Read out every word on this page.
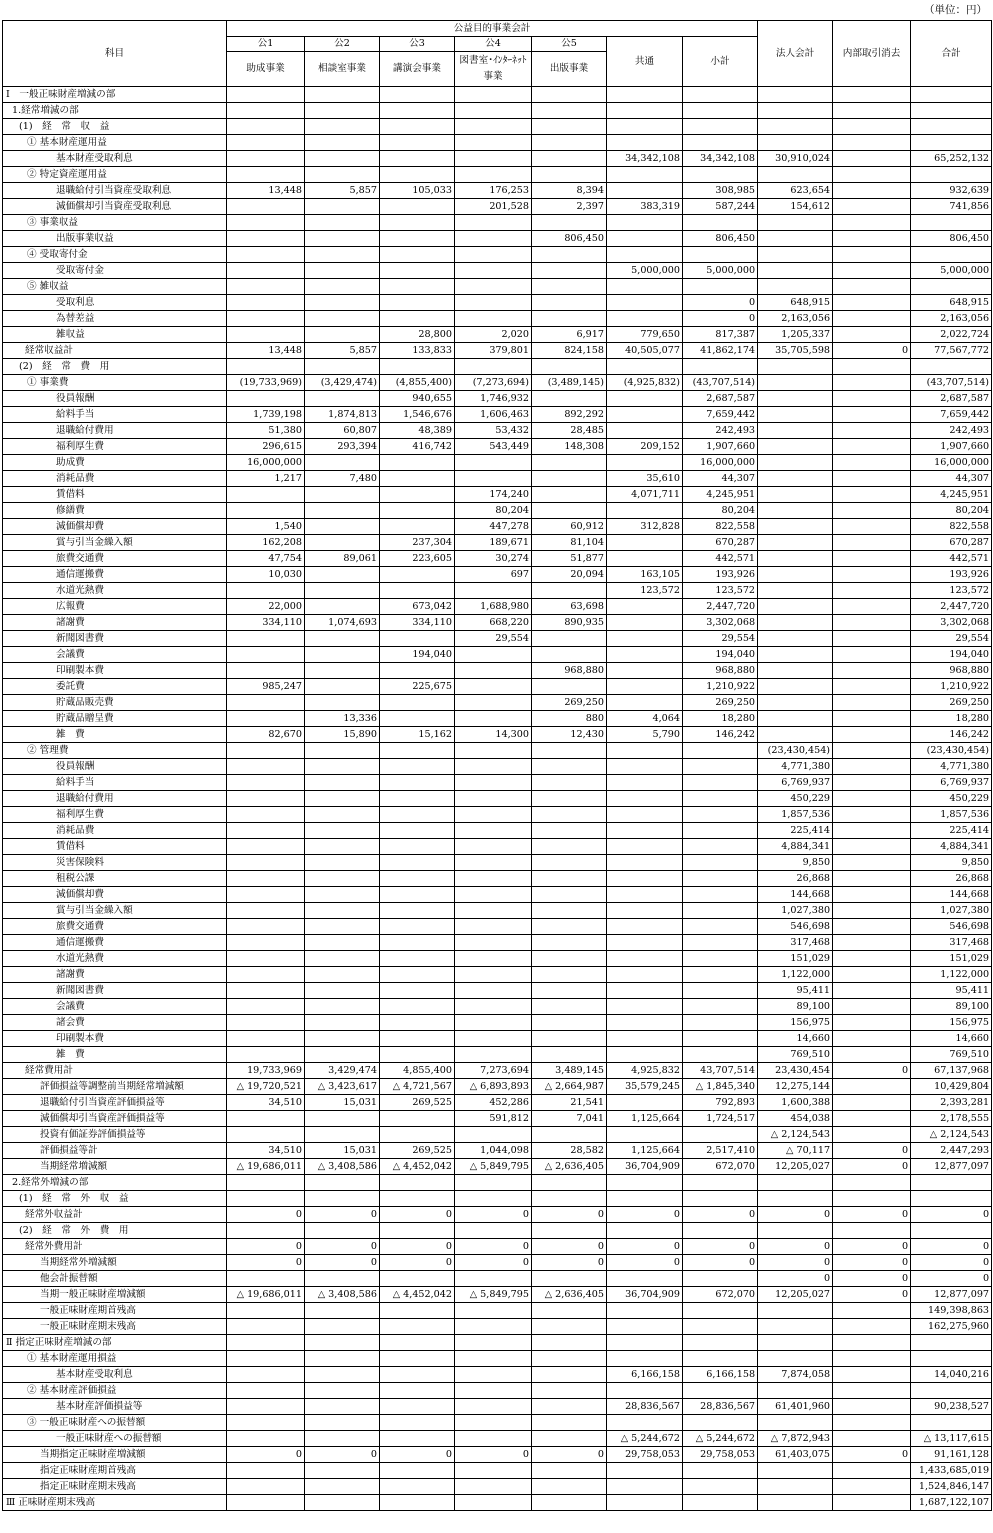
（単位：円）
科目	公益目的事業会計							法人会計	内部取引消去	合計
	公1	公2	公3	公4	公5	共通	小計			
	助成事業	相談室事業	講演会事業	図書室･ｲﾝﾀｰﾈｯﾄ事業	出版事業					
Ⅰ　一般正味財産増減の部										
1.経常増減の部										
(1)　経　常　収　益										
① 基本財産運用益										
基本財産受取利息						34,342,108	34,342,108	30,910,024		65,252,132
② 特定資産運用益										
退職給付引当資産受取利息	13,448	5,857	105,033	176,253	8,394		308,985	623,654		932,639
減価償却引当資産受取利息				201,528	2,397	383,319	587,244	154,612		741,856
③ 事業収益										
出版事業収益					806,450		806,450			806,450
④ 受取寄付金										
受取寄付金						5,000,000	5,000,000			5,000,000
⑤ 雑収益										
受取利息							0	648,915		648,915
為替差益							0	2,163,056		2,163,056
雑収益			28,800	2,020	6,917	779,650	817,387	1,205,337		2,022,724
経常収益計	13,448	5,857	133,833	379,801	824,158	40,505,077	41,862,174	35,705,598	0	77,567,772
(2)　経　常　費　用										
① 事業費	(19,733,969)	(3,429,474)	(4,855,400)	(7,273,694)	(3,489,145)	(4,925,832)	(43,707,514)			(43,707,514)
役員報酬			940,655	1,746,932			2,687,587			2,687,587
給料手当	1,739,198	1,874,813	1,546,676	1,606,463	892,292		7,659,442			7,659,442
退職給付費用	51,380	60,807	48,389	53,432	28,485		242,493			242,493
福利厚生費	296,615	293,394	416,742	543,449	148,308	209,152	1,907,660			1,907,660
助成費	16,000,000						16,000,000			16,000,000
消耗品費	1,217	7,480				35,610	44,307			44,307
賃借料				174,240		4,071,711	4,245,951			4,245,951
修繕費				80,204			80,204			80,204
減価償却費	1,540			447,278	60,912	312,828	822,558			822,558
賞与引当金繰入額	162,208		237,304	189,671	81,104		670,287			670,287
旅費交通費	47,754	89,061	223,605	30,274	51,877		442,571			442,571
通信運搬費	10,030			697	20,094	163,105	193,926			193,926
水道光熱費						123,572	123,572			123,572
広報費	22,000		673,042	1,688,980	63,698		2,447,720			2,447,720
諸謝費	334,110	1,074,693	334,110	668,220	890,935		3,302,068			3,302,068
新聞図書費				29,554			29,554			29,554
会議費			194,040				194,040			194,040
印刷製本費					968,880		968,880			968,880
委託費	985,247		225,675				1,210,922			1,210,922
貯蔵品販売費					269,250		269,250			269,250
貯蔵品贈呈費		13,336			880	4,064	18,280			18,280
雑　費	82,670	15,890	15,162	14,300	12,430	5,790	146,242			146,242
② 管理費								(23,430,454)		(23,430,454)
役員報酬								4,771,380		4,771,380
給料手当								6,769,937		6,769,937
退職給付費用								450,229		450,229
福利厚生費								1,857,536		1,857,536
消耗品費								225,414		225,414
賃借料								4,884,341		4,884,341
災害保険料								9,850		9,850
租税公課								26,868		26,868
減価償却費								144,668		144,668
賞与引当金繰入額								1,027,380		1,027,380
旅費交通費								546,698		546,698
通信運搬費								317,468		317,468
水道光熱費								151,029		151,029
諸謝費								1,122,000		1,122,000
新聞図書費								95,411		95,411
会議費								89,100		89,100
諸会費								156,975		156,975
印刷製本費								14,660		14,660
雑　費								769,510		769,510
経常費用計	19,733,969	3,429,474	4,855,400	7,273,694	3,489,145	4,925,832	43,707,514	23,430,454	0	67,137,968
評価損益等調整前当期経常増減額	△ 19,720,521	△ 3,423,617	△ 4,721,567	△ 6,893,893	△ 2,664,987	35,579,245	△ 1,845,340	12,275,144		10,429,804
退職給付引当資産評価損益等	34,510	15,031	269,525	452,286	21,541		792,893	1,600,388		2,393,281
減価償却引当資産評価損益等				591,812	7,041	1,125,664	1,724,517	454,038		2,178,555
投資有価証券評価損益等								△ 2,124,543		△ 2,124,543
評価損益等計	34,510	15,031	269,525	1,044,098	28,582	1,125,664	2,517,410	△ 70,117	0	2,447,293
当期経常増減額	△ 19,686,011	△ 3,408,586	△ 4,452,042	△ 5,849,795	△ 2,636,405	36,704,909	672,070	12,205,027	0	12,877,097
2.経常外増減の部										
(1)　経　常　外　収　益										
経常外収益計	0	0	0	0	0	0	0	0	0	0
(2)　経　常　外　費　用										
経常外費用計	0	0	0	0	0	0	0	0	0	0
当期経常外増減額	0	0	0	0	0	0	0	0	0	0
他会計振替額								0	0	0
当期一般正味財産増減額	△ 19,686,011	△ 3,408,586	△ 4,452,042	△ 5,849,795	△ 2,636,405	36,704,909	672,070	12,205,027	0	12,877,097
一般正味財産期首残高										149,398,863
一般正味財産期末残高										162,275,960
Ⅱ 指定正味財産増減の部										
① 基本財産運用損益										
基本財産受取利息						6,166,158	6,166,158	7,874,058		14,040,216
② 基本財産評価損益										
基本財産評価損益等						28,836,567	28,836,567	61,401,960		90,238,527
③ 一般正味財産への振替額										
一般正味財産への振替額						△ 5,244,672	△ 5,244,672	△ 7,872,943		△ 13,117,615
当期指定正味財産増減額	0	0	0	0	0	29,758,053	29,758,053	61,403,075	0	91,161,128
指定正味財産期首残高										1,433,685,019
指定正味財産期末残高										1,524,846,147
Ⅲ 正味財産期末残高										1,687,122,107
